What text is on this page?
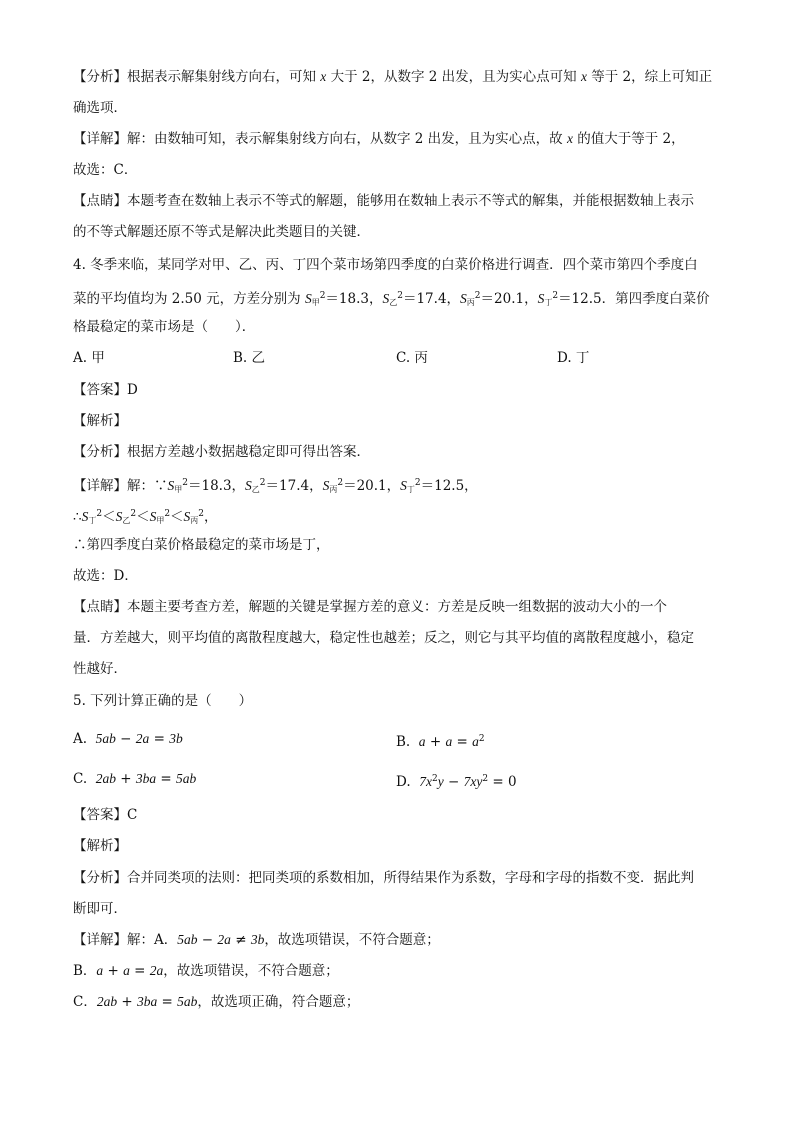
【分析】根据表示解集射线方向右，可知 x 大于 2，从数字 2 出发，且为实心点可知 x 等于 2，综上可知正
确选项．
【详解】解：由数轴可知，表示解集射线方向右，从数字 2 出发，且为实心点，故 x 的值大于等于 2，
故选：C．
【点睛】本题考查在数轴上表示不等式的解题，能够用在数轴上表示不等式的解集，并能根据数轴上表示
的不等式解题还原不等式是解决此类题目的关键．
4. 冬季来临，某同学对甲、乙、丙、丁四个菜市场第四季度的白菜价格进行调查．四个菜市第四个季度白
菜的平均值均为 2.50 元，方差分别为 $S_甲^2=18.3$，$S_乙^2=17.4$，$S_丙^2=20.1$，$S_丁^2=12.5$．第四季度白菜价
格最稳定的菜市场是（　　）．
A. 甲	B. 乙	C. 丙	D. 丁
【答案】D
【解析】
【分析】根据方差越小数据越稳定即可得出答案．
【详解】解：$\because S_甲^2=18.3$，$S_乙^2=17.4$，$S_丙^2=20.1$，$S_丁^2=12.5$，
$\therefore S_丁^2<S_乙^2<S_甲^2<S_丙^2$，
∴第四季度白菜价格最稳定的菜市场是丁，
故选：D．
【点睛】本题主要考查方差，解题的关键是掌握方差的意义：方差是反映一组数据的波动大小的一个
量．方差越大，则平均值的离散程度越大，稳定性也越差；反之，则它与其平均值的离散程度越小，稳定
性越好．
5. 下列计算正确的是（　　）
A.  5ab − 2a = 3b	B.  $a + a = a^2$
C.  2ab + 3ba = 5ab	D.  $7x^2y - 7xy^2 = 0$
【答案】C
【解析】
【分析】合并同类项的法则：把同类项的系数相加，所得结果作为系数，字母和字母的指数不变．据此判
断即可．
【详解】解：A．5ab − 2a ≠ 3b，故选项错误，不符合题意；
B．a + a = 2a，故选项错误，不符合题意；
C．2ab + 3ba = 5ab，故选项正确，符合题意；
